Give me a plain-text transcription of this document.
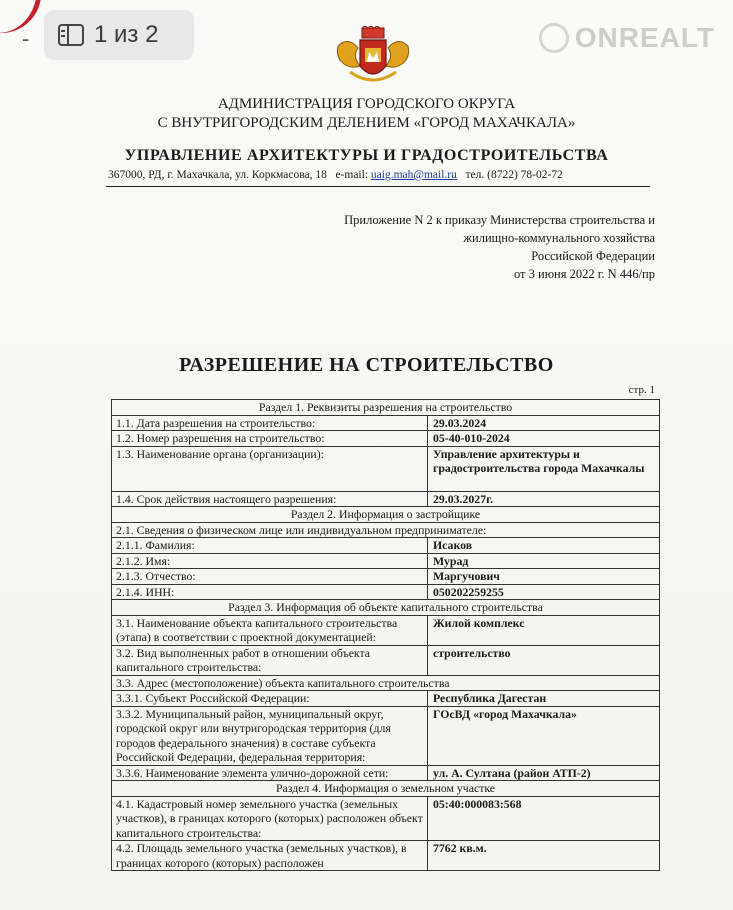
-	1 из 2	ONREALT
АДМИНИСТРАЦИЯ ГОРОДСКОГО ОКРУГА
С ВНУТРИГОРОДСКИМ ДЕЛЕНИЕМ «ГОРОД МАХАЧКАЛА»
УПРАВЛЕНИЕ АРХИТЕКТУРЫ И ГРАДОСТРОИТЕЛЬСТВА
367000, РД, г. Махачкала, ул. Коркмасова, 18 e-mail: uaig.mah@mail.ru тел. (8722) 78-02-72
Приложение N 2 к приказу Министерства строительства и
жилищно-коммунального хозяйства
Российской Федерации
от 3 июня 2022 г. N 446/пр
РАЗРЕШЕНИЕ НА СТРОИТЕЛЬСТВО
стр. 1
Раздел 1. Реквизиты разрешения на строительство	
1.1. Дата разрешения на строительство:	29.03.2024
1.2. Номер разрешения на строительство:	05-40-010-2024
1.3. Наименование органа (организации):	Управление архитектуры и градостроительства города Махачкалы
1.4. Срок действия настоящего разрешения:	29.03.2027г.
Раздел 2. Информация о застройщике	
2.1. Сведения о физическом лице или индивидуальном предпринимателе:	
2.1.1. Фамилия:	Исаков
2.1.2. Имя:	Мурад
2.1.3. Отчество:	Маргучович
2.1.4. ИНН:	050202259255
Раздел 3. Информация об объекте капитального строительства	
3.1. Наименование объекта капитального строительства (этапа) в соответствии с проектной документацией:	Жилой комплекс
3.2. Вид выполненных работ в отношении объекта капитального строительства:	строительство
3.3. Адрес (местоположение) объекта капитального строительства	
3.3.1. Субъект Российской Федерации:	Республика Дагестан
3.3.2. Муниципальный район, муниципальный округ, городской округ или внутригородская территория (для городов федерального значения) в составе субъекта Российской Федерации, федеральная территория:	ГОсВД «город Махачкала»
3.3.6. Наименование элемента улично-дорожной сети:	ул. А. Султана (район АТП-2)
Раздел 4. Информация о земельном участке	
4.1. Кадастровый номер земельного участка (земельных участков), в границах которого (которых) расположен объект капитального строительства:	05:40:000083:568
4.2. Площадь земельного участка (земельных участков), в границах которого (которых) расположен	7762 кв.м.
